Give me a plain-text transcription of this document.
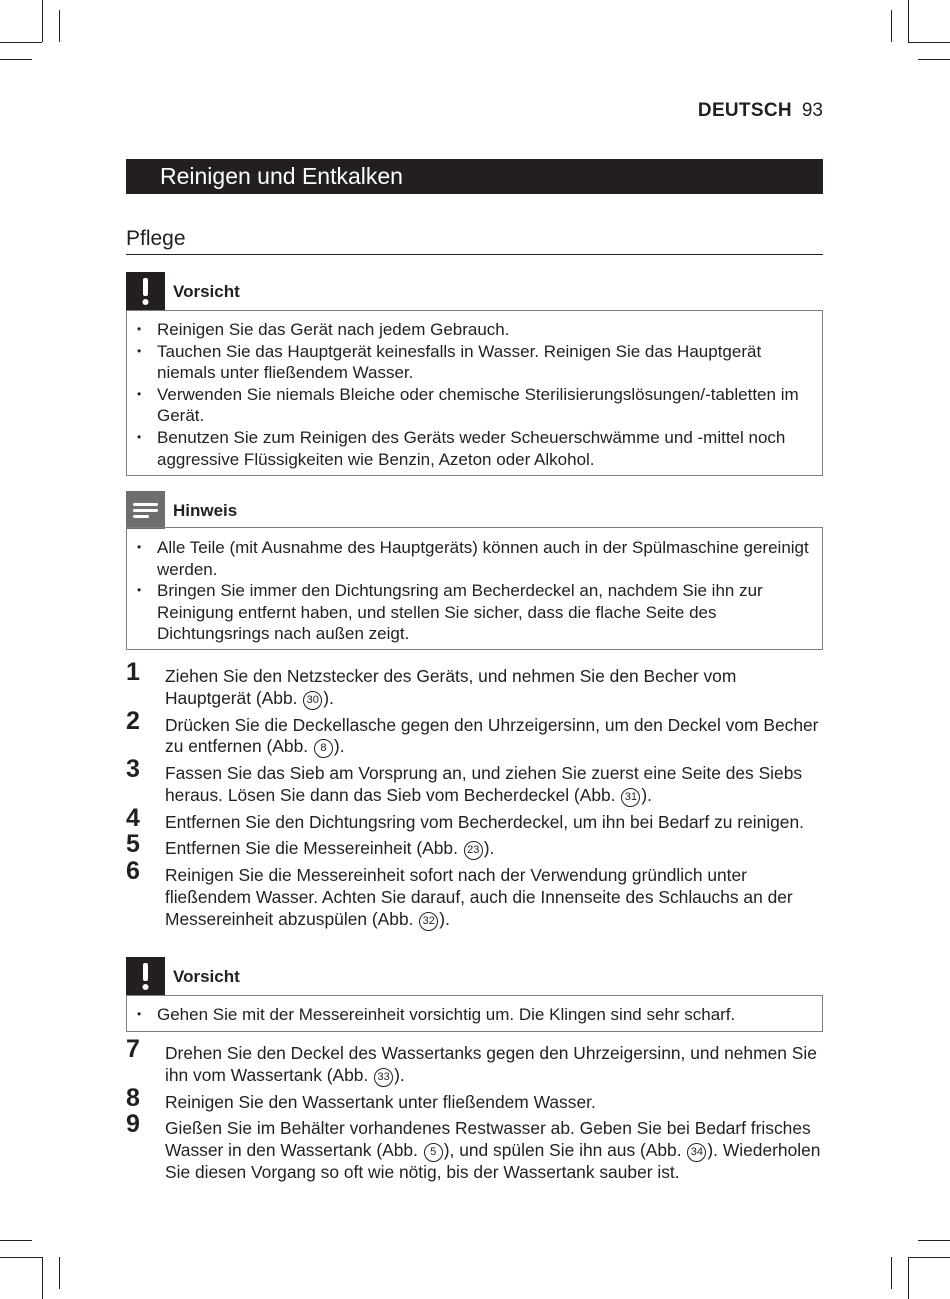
DEUTSCH 93
Reinigen und Entkalken
Pflege
Vorsicht
• Reinigen Sie das Gerät nach jedem Gebrauch.
• Tauchen Sie das Hauptgerät keinesfalls in Wasser. Reinigen Sie das Hauptgerät niemals unter fließendem Wasser.
• Verwenden Sie niemals Bleiche oder chemische Sterilisierungslösungen/-tabletten im Gerät.
• Benutzen Sie zum Reinigen des Geräts weder Scheuerschwämme und -mittel noch aggressive Flüssigkeiten wie Benzin, Azeton oder Alkohol.
Hinweis
• Alle Teile (mit Ausnahme des Hauptgeräts) können auch in der Spülmaschine gereinigt werden.
• Bringen Sie immer den Dichtungsring am Becherdeckel an, nachdem Sie ihn zur Reinigung entfernt haben, und stellen Sie sicher, dass die flache Seite des Dichtungsrings nach außen zeigt.
1 Ziehen Sie den Netzstecker des Geräts, und nehmen Sie den Becher vom Hauptgerät (Abb. 30 ).
2 Drücken Sie die Deckellasche gegen den Uhrzeigersinn, um den Deckel vom Becher zu entfernen (Abb. 8 ).
3 Fassen Sie das Sieb am Vorsprung an, und ziehen Sie zuerst eine Seite des Siebs heraus. Lösen Sie dann das Sieb vom Becherdeckel (Abb. 31 ).
4 Entfernen Sie den Dichtungsring vom Becherdeckel, um ihn bei Bedarf zu reinigen.
5 Entfernen Sie die Messereinheit (Abb. 23 ).
6 Reinigen Sie die Messereinheit sofort nach der Verwendung gründlich unter fließendem Wasser. Achten Sie darauf, auch die Innenseite des Schlauchs an der Messereinheit abzuspülen (Abb. 32 ).
Vorsicht
• Gehen Sie mit der Messereinheit vorsichtig um. Die Klingen sind sehr scharf.
7 Drehen Sie den Deckel des Wassertanks gegen den Uhrzeigersinn, und nehmen Sie ihn vom Wassertank (Abb. 33 ).
8 Reinigen Sie den Wassertank unter fließendem Wasser.
9 Gießen Sie im Behälter vorhandenes Restwasser ab. Geben Sie bei Bedarf frisches Wasser in den Wassertank (Abb. 5 ), und spülen Sie ihn aus (Abb. 34 ). Wiederholen Sie diesen Vorgang so oft wie nötig, bis der Wassertank sauber ist.
